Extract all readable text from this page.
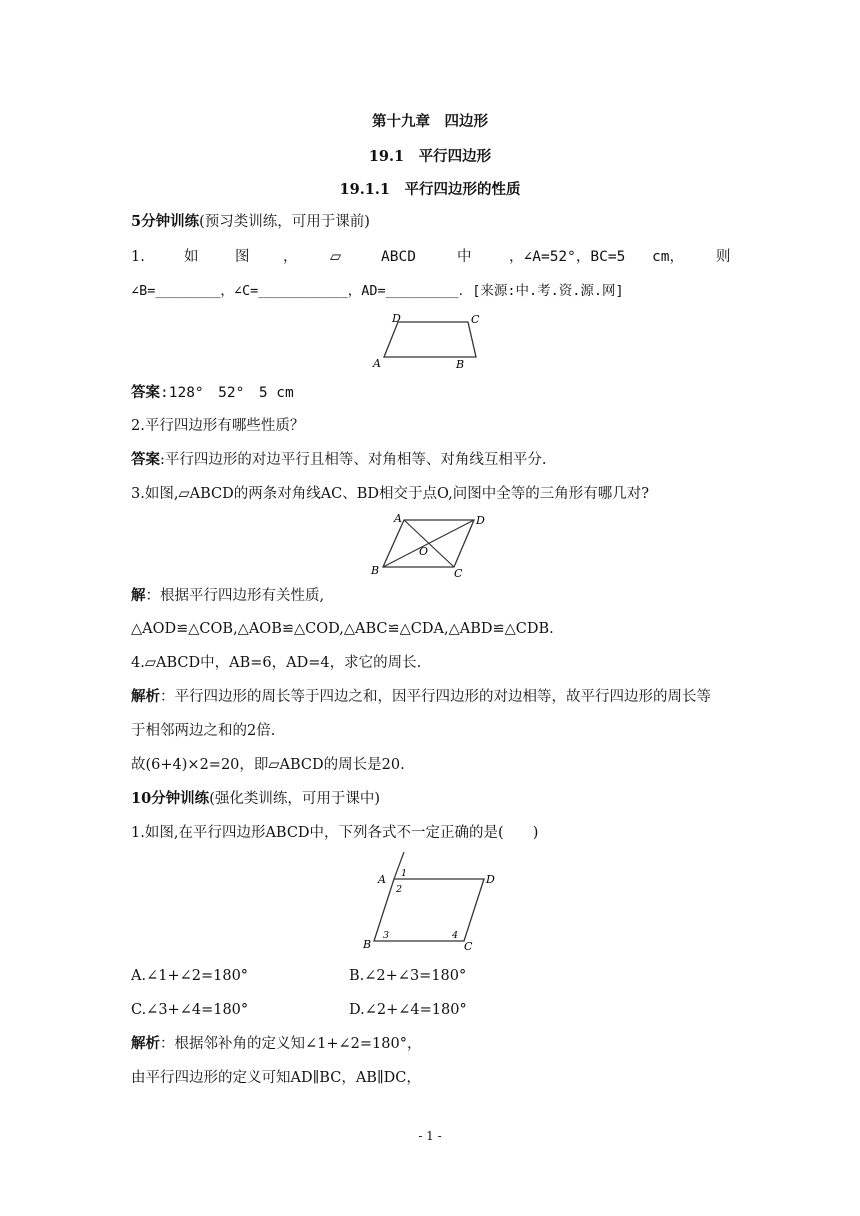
第十九章　四边形
19.1　平行四边形
19.1.1　平行四边形的性质
5分钟训练(预习类训练，可用于课前)
1.	如	图 ， ▱	ABCD	中	，∠A=52°，BC=5 cm， 则
∠B=________，∠C=___________，AD=_________．[来源:中.考.资.源.网]
D	C
A	B
答案:128°　52°　5 cm
2.平行四边形有哪些性质？
答案:平行四边形的对边平行且相等、对角相等、对角线互相平分.
3.如图,▱ABCD的两条对角线AC、BD相交于点O,问图中全等的三角形有哪几对?
A	D
O
B	C
解：根据平行四边形有关性质,
△AOD≌△COB,△AOB≌△COD,△ABC≌△CDA,△ABD≌△CDB.
4.▱ABCD中，AB=6，AD=4，求它的周长.
解析：平行四边形的周长等于四边之和，因平行四边形的对边相等，故平行四边形的周长等
于相邻两边之和的2倍.
故(6+4)×2=20，即▱ABCD的周长是20.
10分钟训练(强化类训练，可用于课中)
1.如图,在平行四边形ABCD中，下列各式不一定正确的是(　　)
A	D
B	C
1
2
3	4
A.∠1+∠2=180°	B.∠2+∠3=180°
C.∠3+∠4=180°	D.∠2+∠4=180°
解析：根据邻补角的定义知∠1+∠2=180°，
由平行四边形的定义可知AD∥BC，AB∥DC，
- 1 -
